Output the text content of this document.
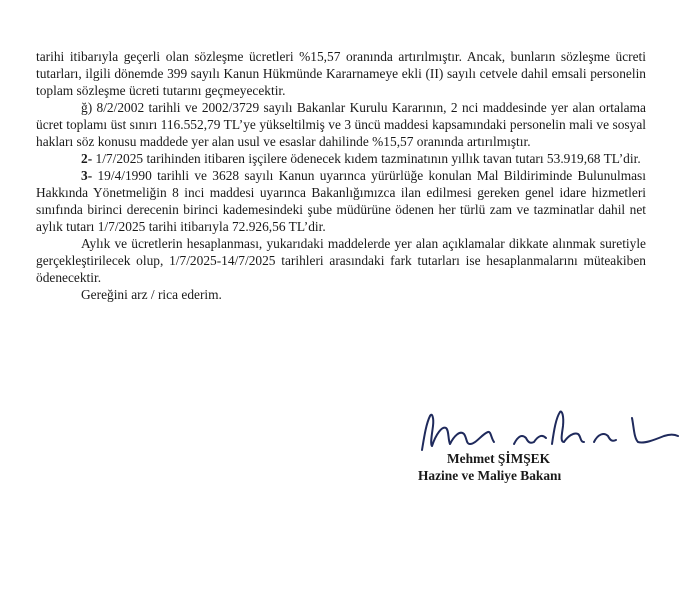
tarihi itibarıyla geçerli olan sözleşme ücretleri %15,57 oranında artırılmıştır. Ancak, bunların sözleşme ücreti tutarları, ilgili dönemde 399 sayılı Kanun Hükmünde Kararnameye ekli (II) sayılı cetvele dahil emsali personelin toplam sözleşme ücreti tutarını geçmeyecektir.

ğ) 8/2/2002 tarihli ve 2002/3729 sayılı Bakanlar Kurulu Kararının, 2 nci maddesinde yer alan ortalama ücret toplamı üst sınırı 116.552,79 TL’ye yükseltilmiş ve 3 üncü maddesi kapsamındaki personelin mali ve sosyal hakları söz konusu maddede yer alan usul ve esaslar dahilinde %15,57 oranında artırılmıştır.

2- 1/7/2025 tarihinden itibaren işçilere ödenecek kıdem tazminatının yıllık tavan tutarı 53.919,68 TL’dir.

3- 19/4/1990 tarihli ve 3628 sayılı Kanun uyarınca yürürlüğe konulan Mal Bildiriminde Bulunulması Hakkında Yönetmeliğin 8 inci maddesi uyarınca Bakanlığımızca ilan edilmesi gereken genel idare hizmetleri sınıfında birinci derecenin birinci kademesindeki şube müdürüne ödenen her türlü zam ve tazminatlar dahil net aylık tutarı 1/7/2025 tarihi itibarıyla 72.926,56 TL’dir.

Aylık ve ücretlerin hesaplanması, yukarıdaki maddelerde yer alan açıklamalar dikkate alınmak suretiyle gerçekleştirilecek olup, 1/7/2025-14/7/2025 tarihleri arasındaki fark tutarları ise hesaplanmalarını müteakiben ödenecektir.

Gereğini arz / rica ederim.

Mehmet ŞİMŞEK
Hazine ve Maliye Bakanı
